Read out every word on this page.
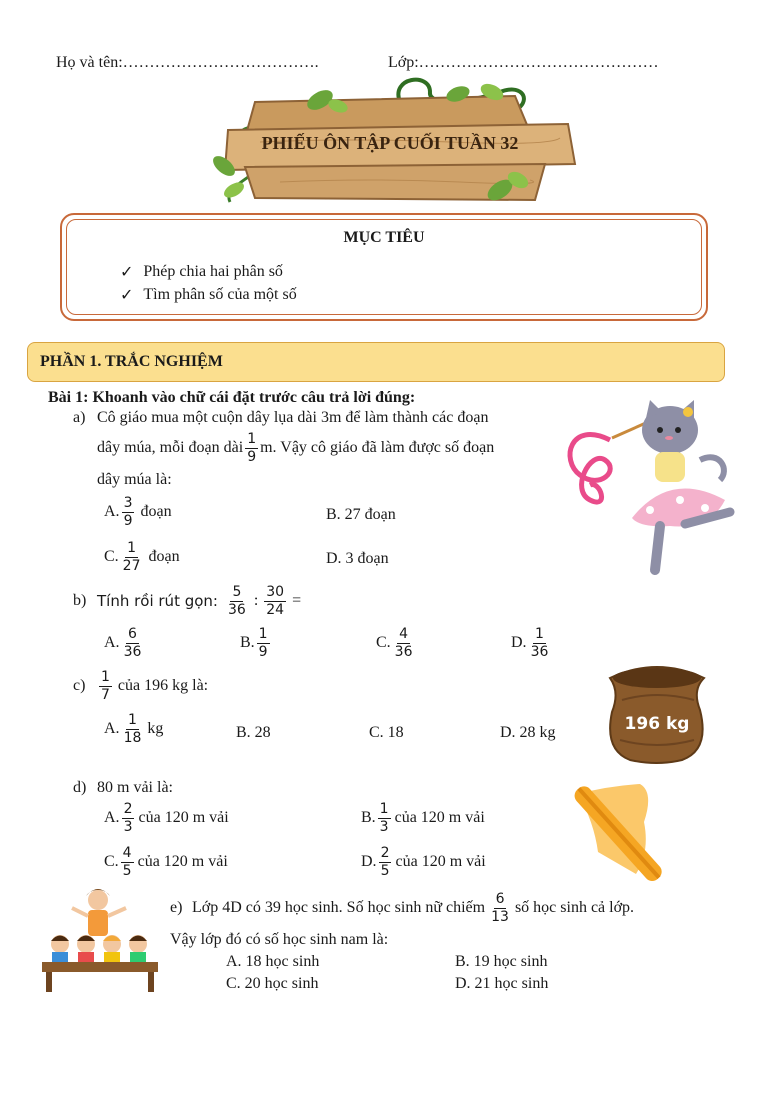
Họ và tên:……………………………….	Lớp:………………………………………
PHIẾU ÔN TẬP CUỐI TUẦN 32
MỤC TIÊU
✓ Phép chia hai phân số
✓ Tìm phân số của một số
PHẦN 1. TRẮC NGHIỆM
Bài 1: Khoanh vào chữ cái đặt trước câu trả lời đúng:
a) Cô giáo mua một cuộn dây lụa dài 3m để làm thành các đoạn
dây múa, mỗi đoạn dài $\frac{1}{9} m$. Vậy cô giáo đã làm được số đoạn
dây múa là:
A. $\frac{3}{9}$ đoạn	B. 27 đoạn
C. $\frac{1}{27}$ đoạn	D. 3 đoạn
b) Tính rồi rút gọn: $\frac{5}{36}$ : $\frac{30}{24}$ =
A. $\frac{6}{36}$	B. $\frac{1}{9}$	C. $\frac{4}{36}$	D. $\frac{1}{36}$
$c) \frac{1}{7}$ của 196 kg là:
A. $\frac{1}{18}$ kg	B. 28	C. 18	D. 28 kg	196 kg
d) 80 m vải là:
A. $\frac{2}{3}$ của 120 m vải	B. $\frac{1}{3}$ của 120 m vải
C. $\frac{4}{5}$ của 120 m vải	D. $\frac{2}{5}$ của 120 m vải
e) Lớp 4D có 39 học sinh. Số học sinh nữ chiếm $\frac{6}{13}$ số học sinh cả lớp.
Vậy lớp đó có số học sinh nam là:
A. 18 học sinh	B. 19 học sinh
C. 20 học sinh	D. 21 học sinh
